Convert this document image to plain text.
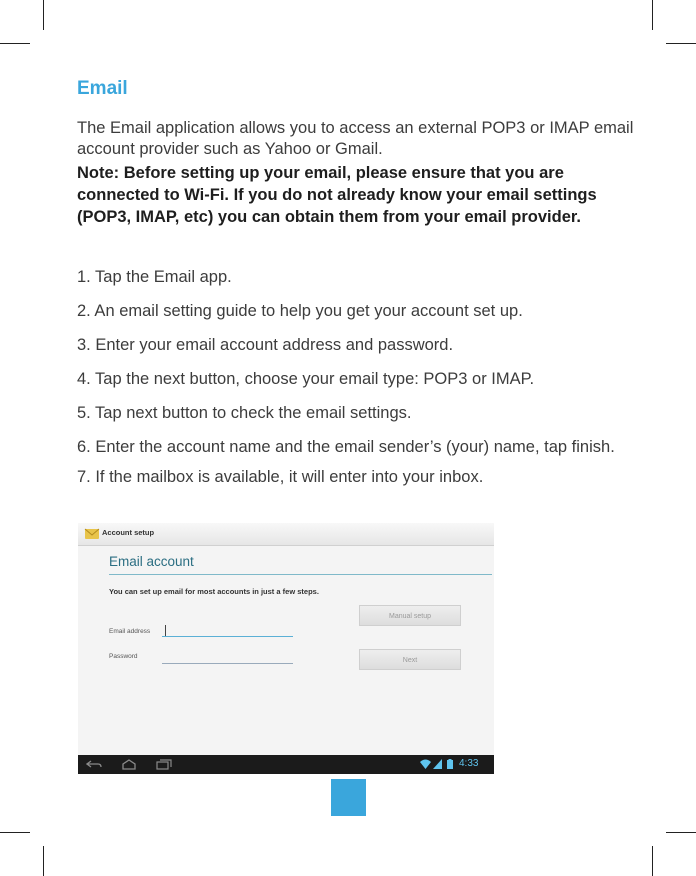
Email
The Email application allows you to access an external POP3 or IMAP email account provider such as Yahoo or Gmail.
Note: Before setting up your email, please ensure that you are connected to Wi-Fi. If you do not already know your email settings (POP3, IMAP, etc) you can obtain them from your email provider.
1. Tap the Email app.
2. An email setting guide to help you get your account set up.
3. Enter your email account address and password.
4. Tap the next button, choose your email type: POP3 or IMAP.
5. Tap next button to check the email settings.
6. Enter the account name and the email sender’s (your) name, tap finish.
7. If the mailbox is available, it will enter into your inbox.
Account setup
Email account
You can set up email for most accounts in just a few steps.
Email address
Password
Manual setup
Next
4:33
